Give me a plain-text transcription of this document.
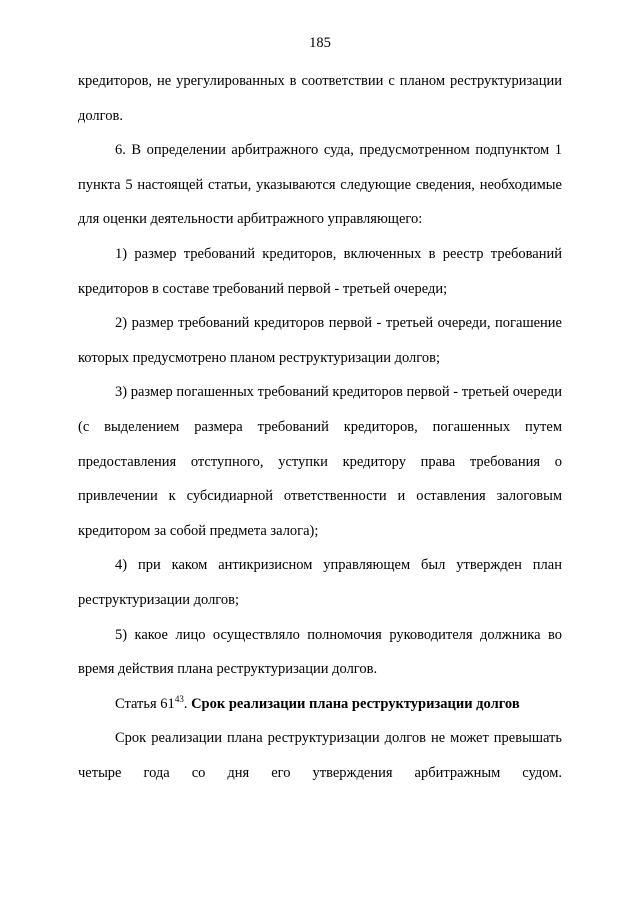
185

кредиторов, не урегулированных в соответствии с планом реструктуризации долгов.

6. В определении арбитражного суда, предусмотренном подпунктом 1 пункта 5 настоящей статьи, указываются следующие сведения, необходимые для оценки деятельности арбитражного управляющего:

1) размер требований кредиторов, включенных в реестр требований кредиторов в составе требований первой - третьей очереди;

2) размер требований кредиторов первой - третьей очереди, погашение которых предусмотрено планом реструктуризации долгов;

3) размер погашенных требований кредиторов первой - третьей очереди (с выделением размера требований кредиторов, погашенных путем предоставления отступного, уступки кредитору права требования о привлечении к субсидиарной ответственности и оставления залоговым кредитором за собой предмета залога);

4) при каком антикризисном управляющем был утвержден план реструктуризации долгов;

5) какое лицо осуществляло полномочия руководителя должника во время действия плана реструктуризации долгов.

Статья $61^{43}$. Срок реализации плана реструктуризации долгов

Срок реализации плана реструктуризации долгов не может превышать четыре года со дня его утверждения арбитражным судом.
